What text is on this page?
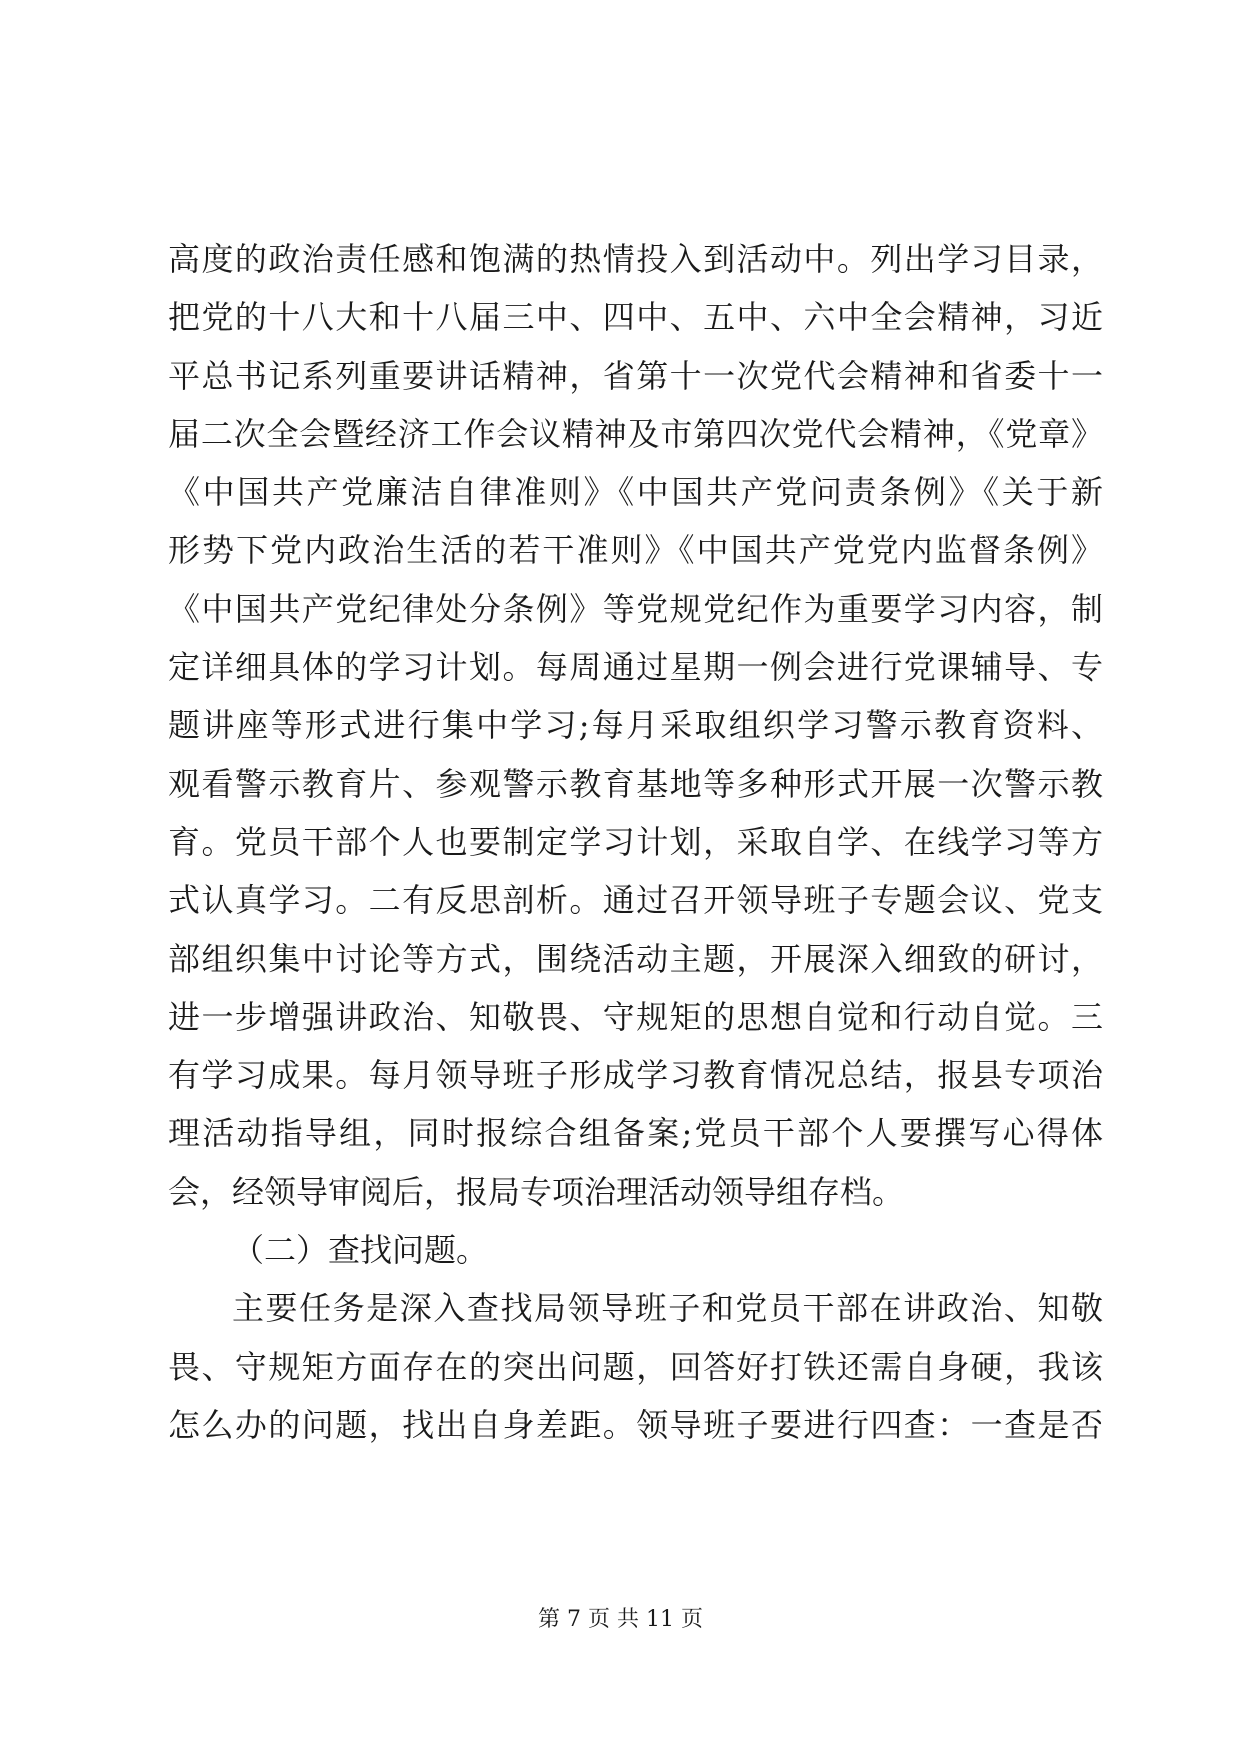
高度的政治责任感和饱满的热情投入到活动中。列出学习目录，
把党的十八大和十八届三中、四中、五中、六中全会精神，习近
平总书记系列重要讲话精神，省第十一次党代会精神和省委十一
届二次全会暨经济工作会议精神及市第四次党代会精神，《党章》
《中国共产党廉洁自律准则》《中国共产党问责条例》《关于新
形势下党内政治生活的若干准则》《中国共产党党内监督条例》
《中国共产党纪律处分条例》等党规党纪作为重要学习内容，制
定详细具体的学习计划。每周通过星期一例会进行党课辅导、专
题讲座等形式进行集中学习;每月采取组织学习警示教育资料、
观看警示教育片、参观警示教育基地等多种形式开展一次警示教
育。党员干部个人也要制定学习计划，采取自学、在线学习等方
式认真学习。二有反思剖析。通过召开领导班子专题会议、党支
部组织集中讨论等方式，围绕活动主题，开展深入细致的研讨，
进一步增强讲政治、知敬畏、守规矩的思想自觉和行动自觉。三
有学习成果。每月领导班子形成学习教育情况总结，报县专项治
理活动指导组，同时报综合组备案;党员干部个人要撰写心得体
会，经领导审阅后，报局专项治理活动领导组存档。
（二）查找问题。
主要任务是深入查找局领导班子和党员干部在讲政治、知敬
畏、守规矩方面存在的突出问题，回答好打铁还需自身硬，我该
怎么办的问题，找出自身差距。领导班子要进行四查：一查是否
第 7 页 共 11 页
